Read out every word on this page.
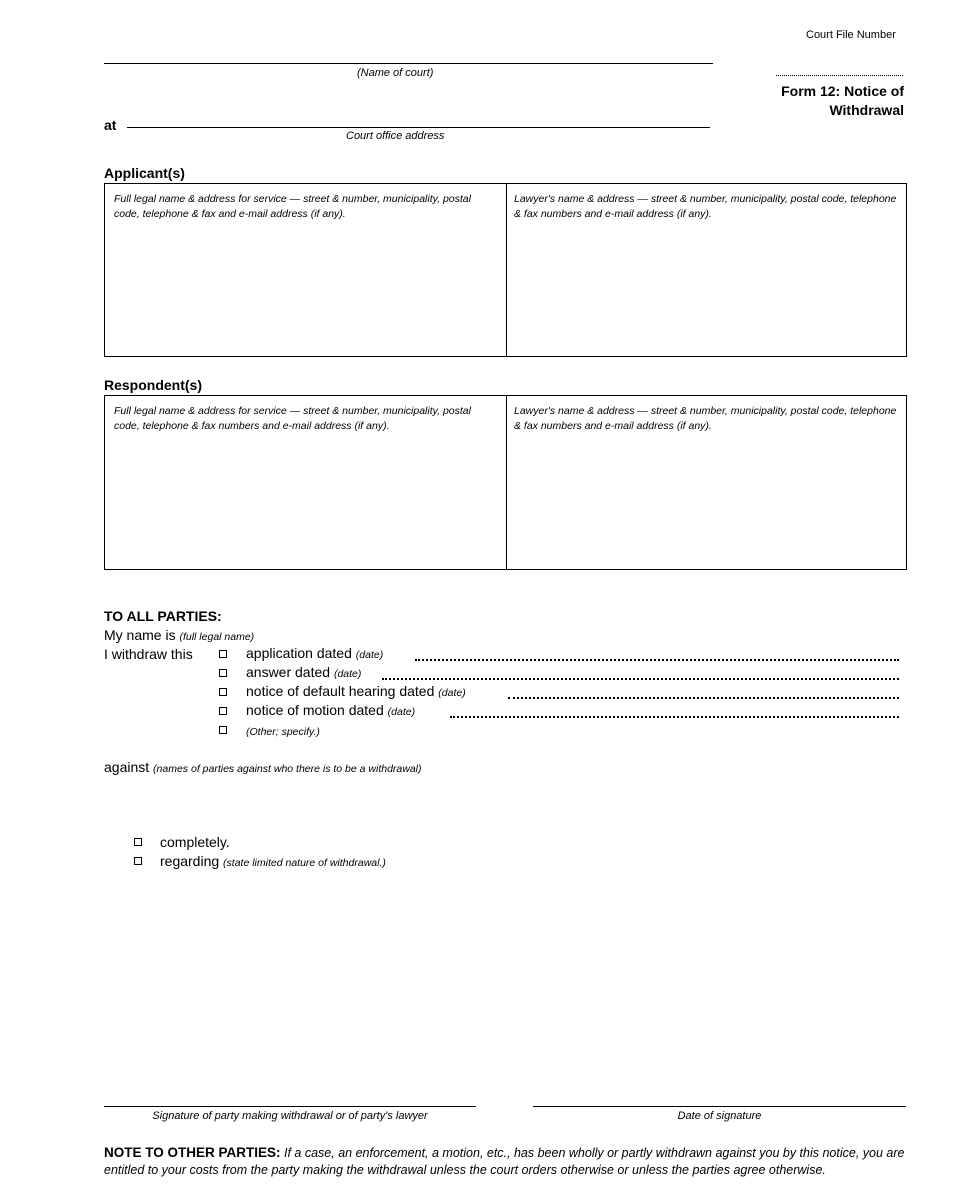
Court File Number
(Name of court)
Form 12: Notice of
Withdrawal
at
Court office address
Applicant(s)
Full legal name & address for service — street & number, municipality, postal code, telephone & fax and e-mail address (if any).
Lawyer's name & address — street & number, municipality, postal code, telephone & fax numbers and e-mail address (if any).
Respondent(s)
Full legal name & address for service — street & number, municipality, postal code, telephone & fax numbers and e-mail address (if any).
Lawyer's name & address — street & number, municipality, postal code, telephone & fax numbers and e-mail address (if any).
TO ALL PARTIES:
My name is (full legal name)
I withdraw this	application dated (date)
answer dated (date)
notice of default hearing dated (date)
notice of motion dated (date)
(Other; specify.)
against (names of parties against who there is to be a withdrawal)
completely.
regarding (state limited nature of withdrawal.)
Signature of party making withdrawal or of party's lawyer	Date of signature
NOTE TO OTHER PARTIES: If a case, an enforcement, a motion, etc., has been wholly or partly withdrawn against you by this notice, you are entitled to your costs from the party making the withdrawal unless the court orders otherwise or unless the parties agree otherwise.
